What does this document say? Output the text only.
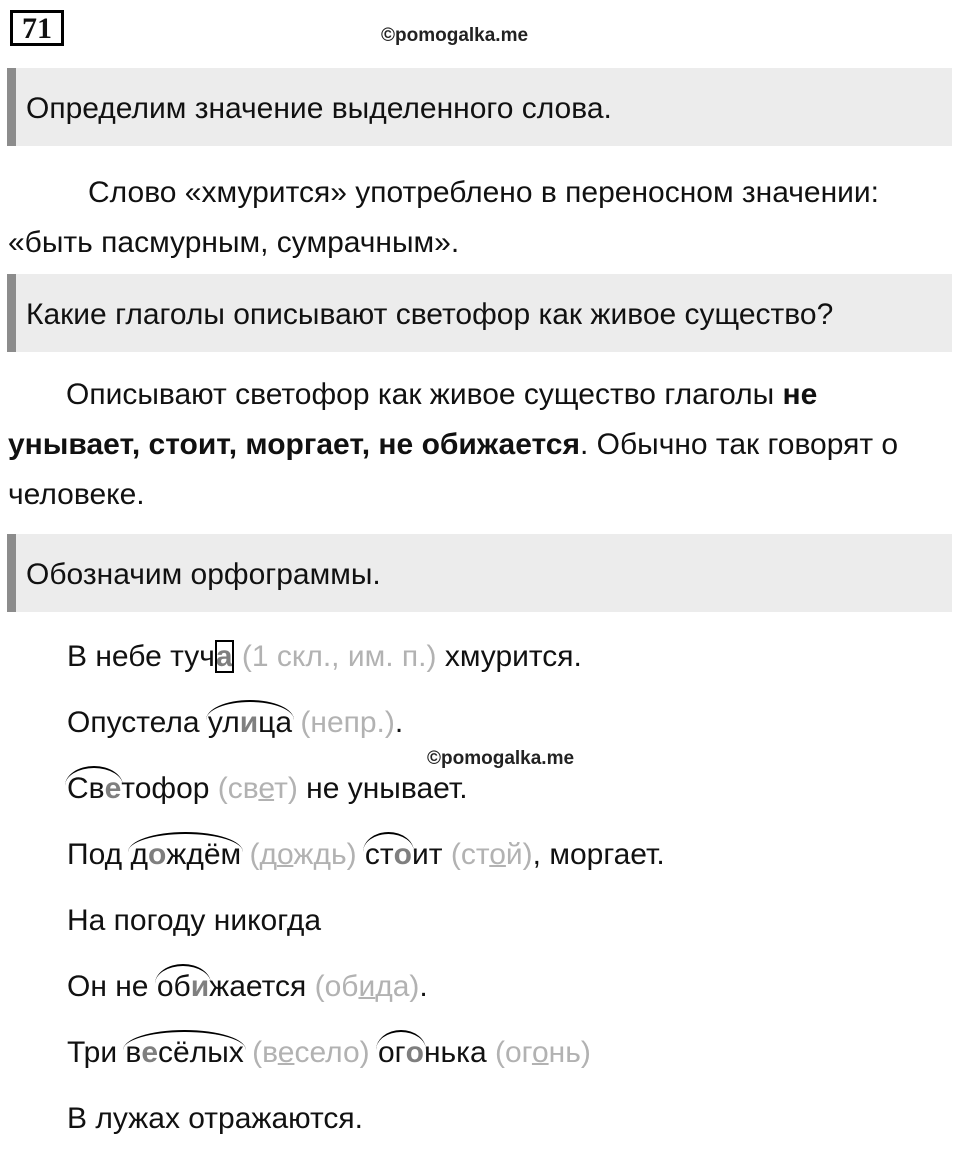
71	©pomogalka.me
Определим значение выделенного слова.
Слово «хмурится» употреблено в переносном значении: «быть пасмурным, сумрачным».
Какие глаголы описывают светофор как живое существо?
Описывают светофор как живое существо глаголы не унывает, стоит, моргает, не обижается. Обычно так говорят о человеке.
Обозначим орфограммы.
В небе туча (1 скл., им. п.) хмурится.
Опустела улица (непр.).
Светофор (свет) не унывает.
Под дождём (дождь) стоит (стой), моргает.
На погоду никогда
Он не обижается (обида).
Три весёлых (весело) огонька (огонь)
В лужах отражаются.
©pomogalka.me
